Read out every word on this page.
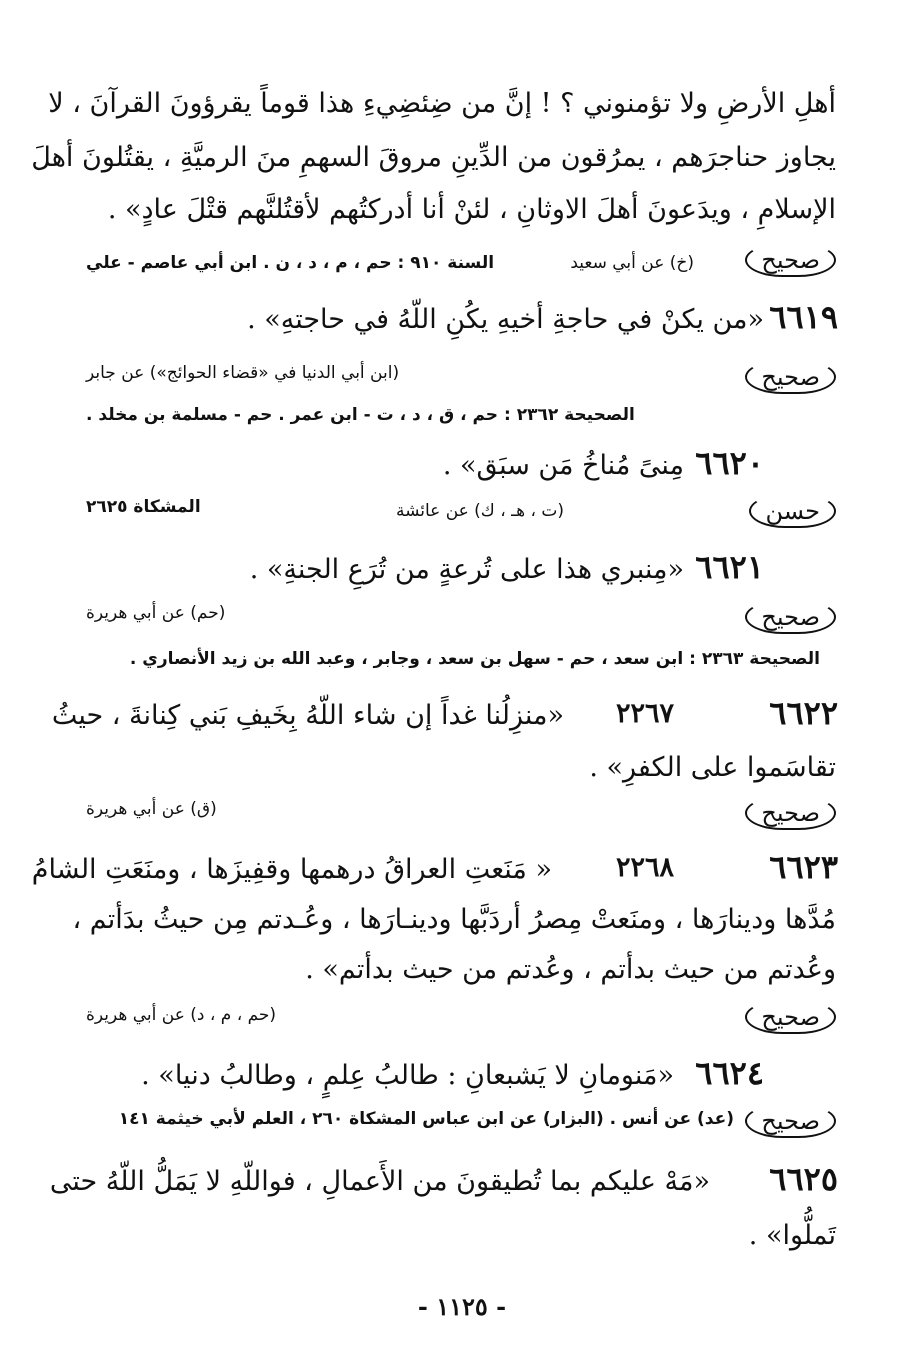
أهلِ الأرضِ ولا تؤمنوني ؟ ! إنَّ من ضِئضِيءِ هذا قوماً يقرؤونَ القرآنَ ، لا
يجاوز حناجرَهم ، يمرُقون من الدِّينِ مروقَ السهمِ منَ الرميَّةِ ، يقتُلونَ أهلَ
الإسلامِ ، ويدَعونَ أهلَ الاوثانِ ، لئنْ أنا أدركتُهم لأقتُلنَّهم قتْلَ عادٍ» .
صحيح
(خ) عن أبي سعيد
السنة ٩١٠ : حم ، م ، د ، ن . ابن أبي عاصم - علي
«من يكنْ في حاجةِ أخيهِ يكُنِ اللّهُ في حاجتهِ» . ٦٦١٩
صحيح
(ابن أبي الدنيا في «قضاء الحوائج») عن جابر
الصحيحة ٢٣٦٢ : حم ، ق ، د ، ت - ابن عمر . حم - مسلمة بن مخلد .
مِنىً مُناخُ مَن سبَق» . ٦٦٢٠
حسن
(ت ، هـ ، ك) عن عائشة
المشكاة ٢٦٢٥
«مِنبري هذا على تُرعةٍ من تُرَعِ الجنةِ» . ٦٦٢١
صحيح
(حم) عن أبي هريرة
الصحيحة ٢٣٦٣ : ابن سعد ، حم - سهل بن سعد ، وجابر ، وعبد الله بن زيد الأنصاري .
٦٦٢٢
٢٢٦٧
«منزِلُنا غداً إن شاء اللّهُ بِخَيفِ بَني كِنانةَ ، حيثُ
تقاسَموا على الكفرِ» .
صحيح
(ق) عن أبي هريرة
٦٦٢٣
٢٢٦٨
« مَنَعتِ العراقُ درهمها وقفِيزَها ، ومنَعَتِ الشامُ
مُدَّها ودينارَها ، ومنَعتْ مِصرُ أردَبَّها ودينـارَها ، وعُـدتم مِن حيثُ بدَأتم ،
وعُدتم من حيث بدأتم ، وعُدتم من حيث بدأتم» .
صحيح
(حم ، م ، د) عن أبي هريرة
٦٦٢٤
«مَنومانِ لا يَشبعانِ : طالبُ عِلمٍ ، وطالبُ دنيا» .
صحيح
(عد) عن أنس . (البزار) عن ابن عباس المشكاة ٢٦٠ ، العلم لأبي خيثمة ١٤١
٦٦٢٥
«مَهْ عليكم بما تُطيقونَ من الأَعمالِ ، فواللّهِ لا يَمَلُّ اللّهُ حتى
تَملُّوا» .
- ١١٢٥ -
